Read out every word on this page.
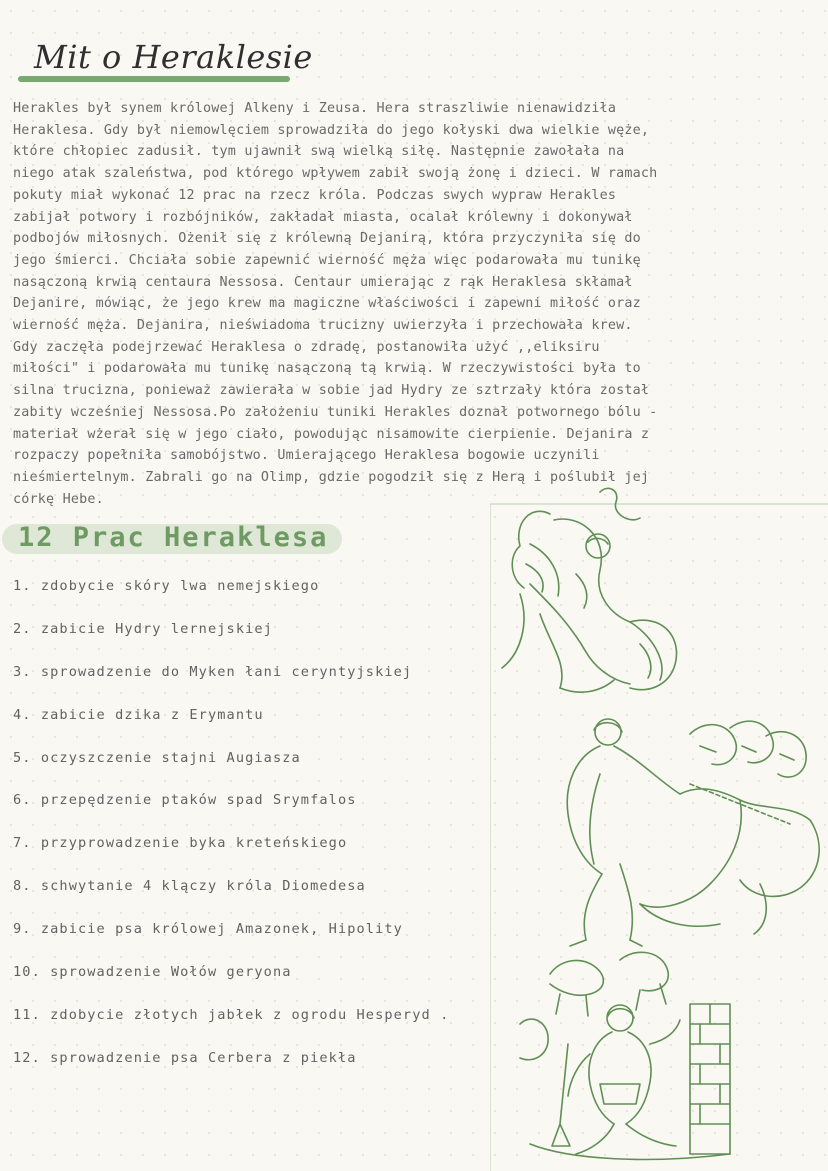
Mit o Heraklesie
Herakles był synem królowej Alkeny i Zeusa. Hera straszliwie nienawidziła
Heraklesa. Gdy był niemowlęciem sprowadziła do jego kołyski dwa wielkie węże,
które chłopiec zadusił. tym ujawnił swą wielką siłę. Następnie zawołała na
niego atak szaleństwa, pod którego wpływem zabił swoją żonę i dzieci. W ramach
pokuty miał wykonać 12 prac na rzecz króla. Podczas swych wypraw Herakles
zabijał potwory i rozbójników, zakładał miasta, ocalał królewny i dokonywał
podbojów miłosnych. Ożenił się z królewną Dejanirą, która przyczyniła się do
jego śmierci. Chciała sobie zapewnić wierność męża więc podarowała mu tunikę
nasączoną krwią centaura Nessosa. Centaur umierając z rąk Heraklesa skłamał
Dejanire, mówiąc, że jego krew ma magiczne właściwości i zapewni miłość oraz
wierność męża. Dejanira, nieświadoma trucizny uwierzyła i przechowała krew.
Gdy zaczęła podejrzewać Heraklesa o zdradę, postanowiła użyć ,,eliksiru
miłości" i podarowała mu tunikę nasączoną tą krwią. W rzeczywistości była to
silna trucizna, ponieważ zawierała w sobie jad Hydry ze sztrzały która został
zabity wcześniej Nessosa.Po założeniu tuniki Herakles doznał potwornego bólu -
materiał wżerał się w jego ciało, powodując nisamowite cierpienie. Dejanira z
rozpaczy popełniła samobójstwo. Umierającego Heraklesa bogowie uczynili
nieśmiertelnym. Zabrali go na Olimp, gdzie pogodził się z Herą i poślubił jej
córkę Hebe.
12 Prac Heraklesa
1. zdobycie skóry lwa nemejskiego
2. zabicie Hydry lernejskiej
3. sprowadzenie do Myken łani ceryntyjskiej
4. zabicie dzika z Erymantu
5. oczyszczenie stajni Augiasza
6. przepędzenie ptaków spad Srymfalos
7. przyprowadzenie byka kreteńskiego
8. schwytanie 4 klączy króla Diomedesa
9. zabicie psa królowej Amazonek, Hipolity
10. sprowadzenie Wołów geryona
11. zdobycie złotych jabłek z ogrodu Hesperyd .
12. sprowadzenie psa Cerbera z piekła
